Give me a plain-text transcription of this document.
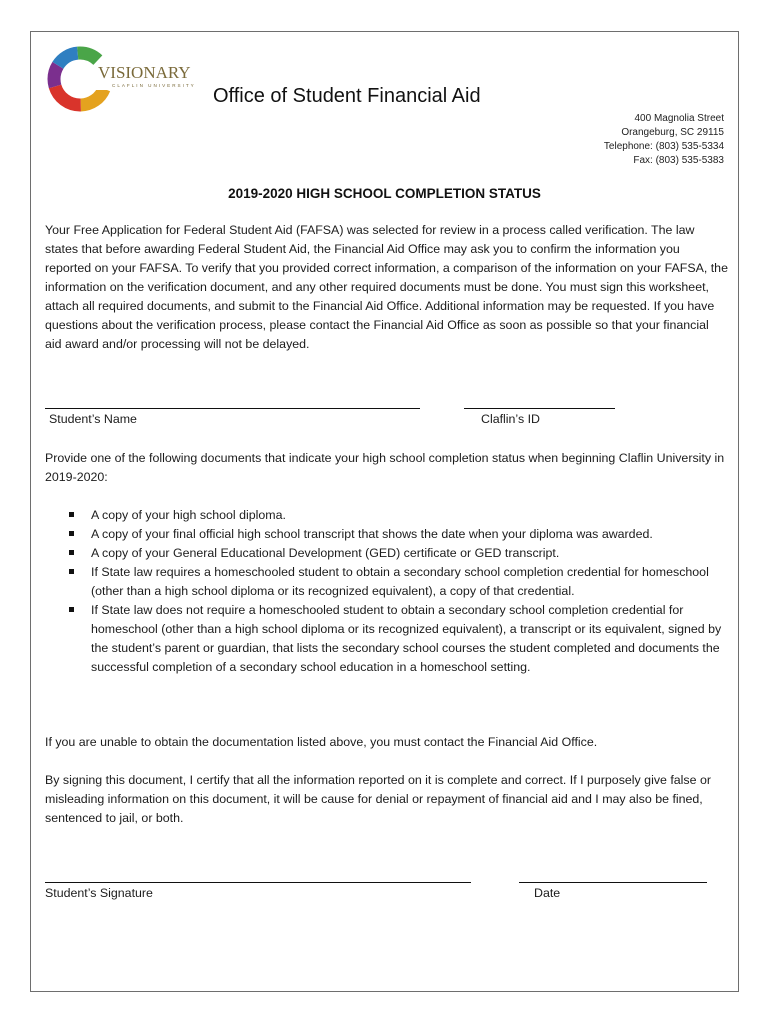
VISIONARY
CLAFLIN UNIVERSITY Office of Student Financial Aid
400 Magnolia Street
Orangeburg, SC 29115
Telephone: (803) 535-5334
Fax: (803) 535-5383
2019-2020 HIGH SCHOOL COMPLETION STATUS
Your Free Application for Federal Student Aid (FAFSA) was selected for review in a process called verification. The law states that before awarding Federal Student Aid, the Financial Aid Office may ask you to confirm the information you reported on your FAFSA. To verify that you provided correct information, a comparison of the information on your FAFSA, the information on the verification document, and any other required documents must be done. You must sign this worksheet, attach all required documents, and submit to the Financial Aid Office. Additional information may be requested. If you have questions about the verification process, please contact the Financial Aid Office as soon as possible so that your financial aid award and/or processing will not be delayed.
Student’s Name	Claflin’s ID
Provide one of the following documents that indicate your high school completion status when beginning Claflin University in 2019-2020:
A copy of your high school diploma.
A copy of your final official high school transcript that shows the date when your diploma was awarded.
A copy of your General Educational Development (GED) certificate or GED transcript.
If State law requires a homeschooled student to obtain a secondary school completion credential for homeschool (other than a high school diploma or its recognized equivalent), a copy of that credential.
If State law does not require a homeschooled student to obtain a secondary school completion credential for homeschool (other than a high school diploma or its recognized equivalent), a transcript or its equivalent, signed by the student’s parent or guardian, that lists the secondary school courses the student completed and documents the successful completion of a secondary school education in a homeschool setting.
If you are unable to obtain the documentation listed above, you must contact the Financial Aid Office.
By signing this document, I certify that all the information reported on it is complete and correct. If I purposely give false or misleading information on this document, it will be cause for denial or repayment of financial aid and I may also be fined, sentenced to jail, or both.
Student’s Signature	Date
